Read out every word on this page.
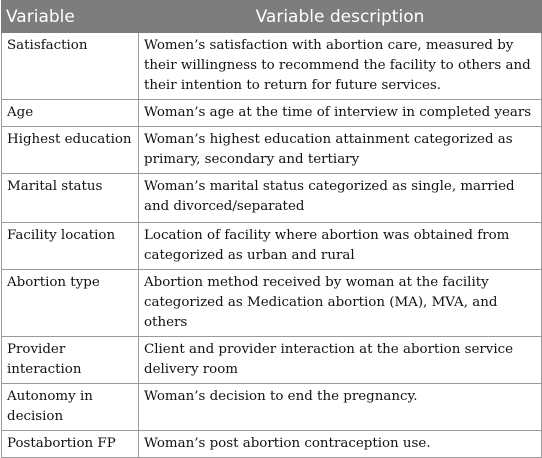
Variable	Variable description
Satisfaction	Women’s satisfaction with abortion care, measured by their willingness to recommend the facility to others and their intention to return for future services.
Age	Woman’s age at the time of interview in completed years
Highest education	Woman’s highest education attainment categorized as primary, secondary and tertiary
Marital status	Woman’s marital status categorized as single, married and divorced/separated
Facility location	Location of facility where abortion was obtained from categorized as urban and rural
Abortion type	Abortion method received by woman at the facility categorized as Medication abortion (MA), MVA, and others
Provider interaction	Client and provider interaction at the abortion service delivery room
Autonomy in decision	Woman’s decision to end the pregnancy.
Postabortion FP	Woman’s post abortion contraception use.
